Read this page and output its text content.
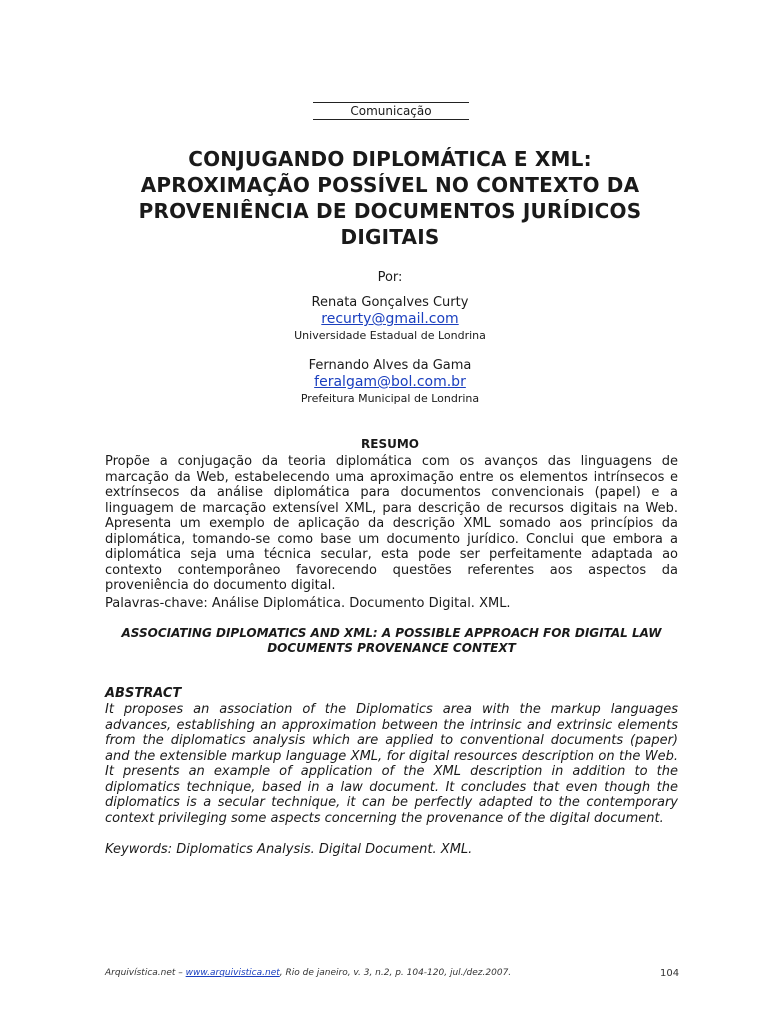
Comunicação
CONJUGANDO DIPLOMÁTICA E XML:
APROXIMAÇÃO POSSÍVEL NO CONTEXTO DA
PROVENIÊNCIA DE DOCUMENTOS JURÍDICOS
DIGITAIS
Por:
Renata Gonçalves Curty
recurty@gmail.com
Universidade Estadual de Londrina
Fernando Alves da Gama
feralgam@bol.com.br
Prefeitura Municipal de Londrina
RESUMO
Propõe a conjugação da teoria diplomática com os avanços das linguagens de marcação da Web, estabelecendo uma aproximação entre os elementos intrínsecos e extrínsecos da análise diplomática para documentos convencionais (papel) e a linguagem de marcação extensível XML, para descrição de recursos digitais na Web. Apresenta um exemplo de aplicação da descrição XML somado aos princípios da diplomática, tomando-se como base um documento jurídico. Conclui que embora a diplomática seja uma técnica secular, esta pode ser perfeitamente adaptada ao contexto contemporâneo favorecendo questões referentes aos aspectos da proveniência do documento digital.
Palavras-chave: Análise Diplomática. Documento Digital. XML.
ASSOCIATING DIPLOMATICS AND XML: A POSSIBLE APPROACH FOR DIGITAL LAW
DOCUMENTS PROVENANCE CONTEXT
ABSTRACT
It proposes an association of the Diplomatics area with the markup languages advances, establishing an approximation between the intrinsic and extrinsic elements from the diplomatics analysis which are applied to conventional documents (paper) and the extensible markup language XML, for digital resources description on the Web. It presents an example of application of the XML description in addition to the diplomatics technique, based in a law document. It concludes that even though the diplomatics is a secular technique, it can be perfectly adapted to the contemporary context privileging some aspects concerning the provenance of the digital document.
Keywords: Diplomatics Analysis. Digital Document. XML.
Arquivística.net – www.arquivistica.net, Rio de janeiro, v. 3, n.2, p. 104-120, jul./dez.2007.	104
